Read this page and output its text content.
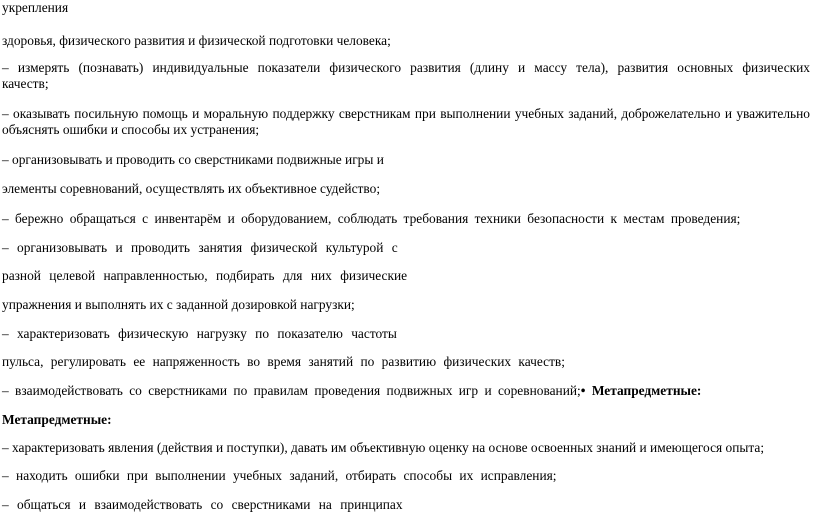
укрепления
здоровья, физического развития и физической подготовки человека;
– измерять (познавать) индивидуальные показатели физического развития (длину и массу тела), развития основных физических качеств;
– оказывать посильную помощь и моральную поддержку сверстникам при выполнении учебных заданий, доброжелательно и уважительно объяснять ошибки и способы их устранения;
– организовывать и проводить со сверстниками подвижные игры и
элементы соревнований, осуществлять их объективное судейство;
– бережно обращаться с инвентарём и оборудованием, соблюдать требования техники безопасности к местам проведения;
– организовывать и проводить занятия физической культурой с
разной целевой направленностью, подбирать для них физические
упражнения и выполнять их с заданной дозировкой нагрузки;
– характеризовать физическую нагрузку по показателю частоты
пульса, регулировать ее напряженность во время занятий по развитию физических качеств;
– взаимодействовать со сверстниками по правилам проведения подвижных игр и соревнований;• Метапредметные:
Метапредметные:
– характеризовать явления (действия и поступки), давать им объективную оценку на основе освоенных знаний и имеющегося опыта;
– находить ошибки при выполнении учебных заданий, отбирать способы их исправления;
– общаться и взаимодействовать со сверстниками на принципах
